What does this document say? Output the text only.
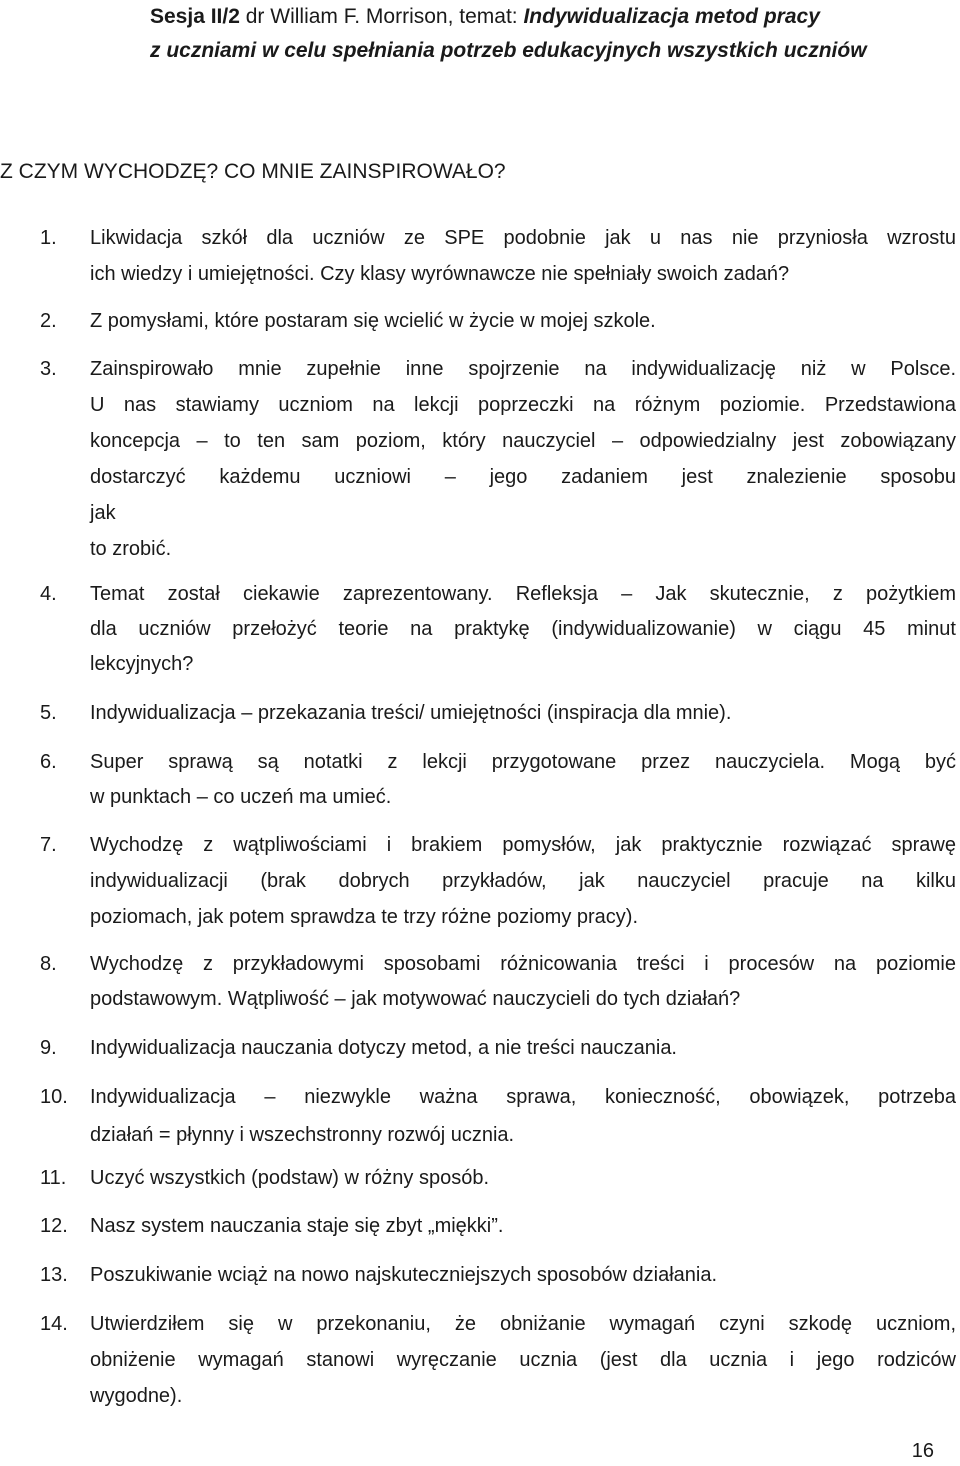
Sesja II/2 dr William F. Morrison, temat: Indywidualizacja metod pracy
z uczniami w celu spełniania potrzeb edukacyjnych wszystkich uczniów
Z CZYM WYCHODZĘ? CO MNIE ZAINSPIROWAŁO?
1.	Likwidacja szkół dla uczniów ze SPE podobnie jak u nas nie przyniosła wzrostu

ich wiedzy i umiejętności. Czy klasy wyrównawcze nie spełniały swoich zadań?

2.	Z pomysłami, które postaram się wcielić w życie w mojej szkole.

3.	Zainspirowało mnie zupełnie inne spojrzenie na indywidualizację niż w Polsce.

U nas stawiamy uczniom na lekcji poprzeczki na różnym poziomie. Przedstawiona

koncepcja – to ten sam poziom, który nauczyciel – odpowiedzialny jest zobowiązany

dostarczyć każdemu uczniowi – jego zadaniem jest znalezienie sposobu

jak

to zrobić.

4.	Temat został ciekawie zaprezentowany. Refleksja – Jak skutecznie, z pożytkiem

dla uczniów przełożyć teorie na praktykę (indywidualizowanie) w ciągu 45 minut

lekcyjnych?

5.	Indywidualizacja – przekazania treści/ umiejętności (inspiracja dla mnie).

6.	Super sprawą są notatki z lekcji przygotowane przez nauczyciela. Mogą być

w punktach – co uczeń ma umieć.

7.	Wychodzę z wątpliwościami i brakiem pomysłów, jak praktycznie rozwiązać sprawę

indywidualizacji (brak dobrych przykładów, jak nauczyciel pracuje na kilku

poziomach, jak potem sprawdza te trzy różne poziomy pracy).

8.	Wychodzę z przykładowymi sposobami różnicowania treści i procesów na poziomie

podstawowym. Wątpliwość – jak motywować nauczycieli do tych działań?

9.	Indywidualizacja nauczania dotyczy metod, a nie treści nauczania.

10.	Indywidualizacja – niezwykle ważna sprawa, konieczność, obowiązek, potrzeba

działań = płynny i wszechstronny rozwój ucznia.

11.	Uczyć wszystkich (podstaw) w różny sposób.

12.	Nasz system nauczania staje się zbyt „miękki”.

13.	Poszukiwanie wciąż na nowo najskuteczniejszych sposobów działania.

14.	Utwierdziłem się w przekonaniu, że obniżanie wymagań czyni szkodę uczniom,

obniżenie wymagań stanowi wyręczanie ucznia (jest dla ucznia i jego rodziców

wygodne).

16
